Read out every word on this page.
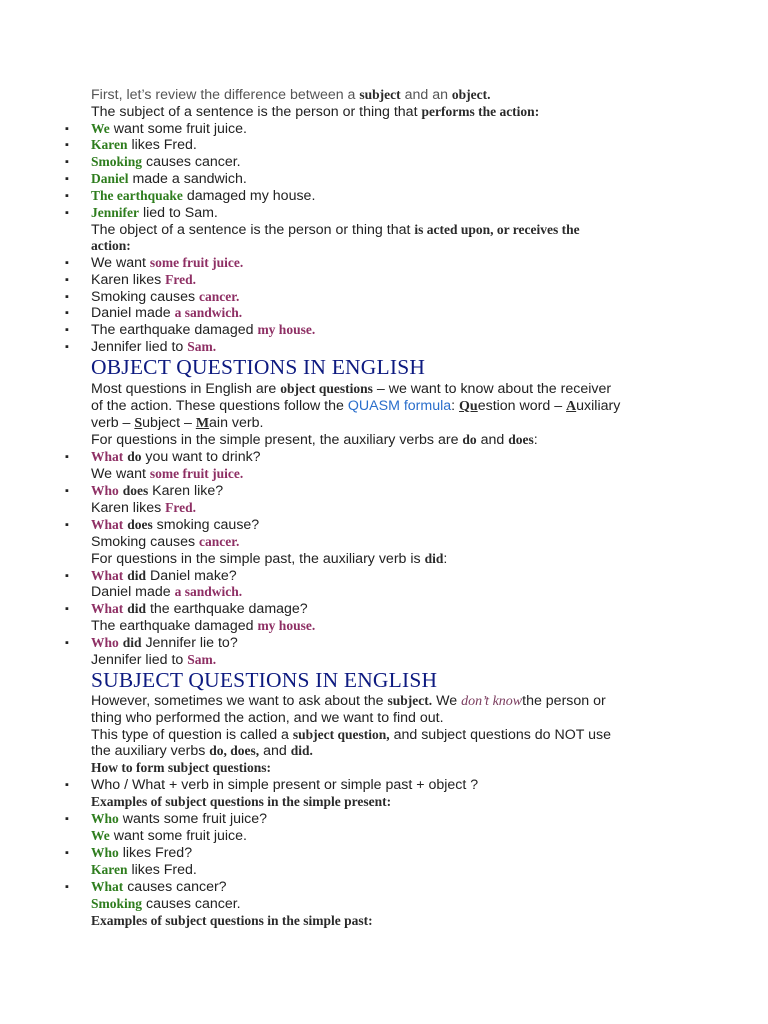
First, let’s review the difference between a subject and an object.
The subject of a sentence is the person or thing that performs the action:
▪ We want some fruit juice.
▪ Karen likes Fred.
▪ Smoking causes cancer.
▪ Daniel made a sandwich.
▪ The earthquake damaged my house.
▪ Jennifer lied to Sam.
The object of a sentence is the person or thing that is acted upon, or receives the
action:
▪ We want some fruit juice.
▪ Karen likes Fred.
▪ Smoking causes cancer.
▪ Daniel made a sandwich.
▪ The earthquake damaged my house.
▪ Jennifer lied to Sam.
OBJECT QUESTIONS IN ENGLISH
Most questions in English are object questions – we want to know about the receiver
of the action. These questions follow the QUASM formula: Question word – Auxiliary
verb – Subject – Main verb.
For questions in the simple present, the auxiliary verbs are do and does:
▪ What do you want to drink?
We want some fruit juice.
▪ Who does Karen like?
Karen likes Fred.
▪ What does smoking cause?
Smoking causes cancer.
For questions in the simple past, the auxiliary verb is did:
▪ What did Daniel make?
Daniel made a sandwich.
▪ What did the earthquake damage?
The earthquake damaged my house.
▪ Who did Jennifer lie to?
Jennifer lied to Sam.
SUBJECT QUESTIONS IN ENGLISH
However, sometimes we want to ask about the subject. We don’t knowthe person or
thing who performed the action, and we want to find out.
This type of question is called a subject question, and subject questions do NOT use
the auxiliary verbs do, does, and did.
How to form subject questions:
▪ Who / What + verb in simple present or simple past + object ?
Examples of subject questions in the simple present:
▪ Who wants some fruit juice?
We want some fruit juice.
▪ Who likes Fred?
Karen likes Fred.
▪ What causes cancer?
Smoking causes cancer.
Examples of subject questions in the simple past:
